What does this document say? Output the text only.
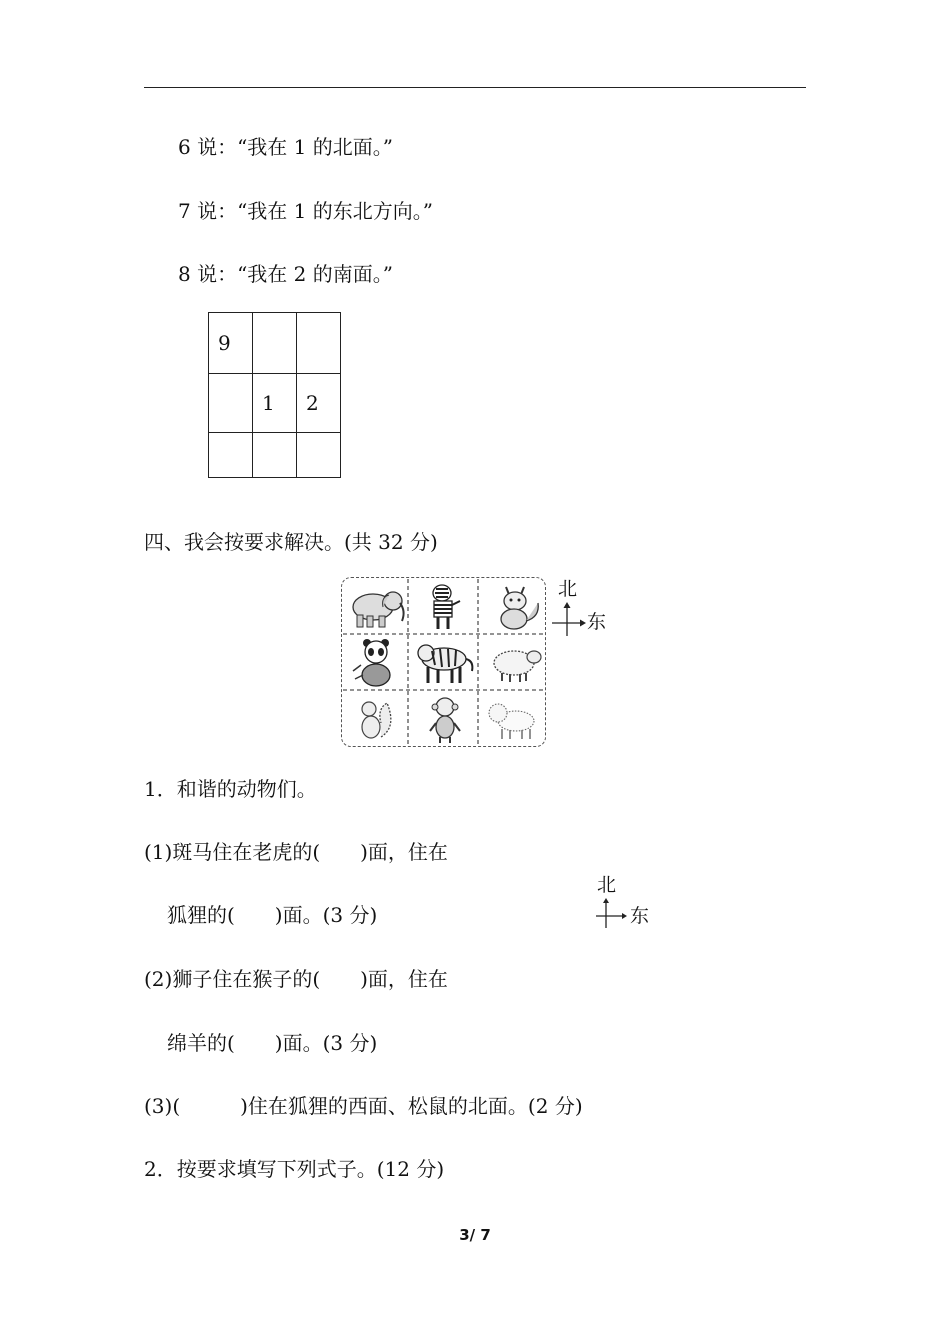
6 说：“我在 1 的北面。”
7 说：“我在 1 的东北方向。”
8 说：“我在 2 的南面。”
9		
	1	2

四、我会按要求解决。(共 32 分)
北
东
1．和谐的动物们。
(1)斑马住在老虎的(　　)面，住在
狐狸的(　　)面。(3 分)
北
东
(2)狮子住在猴子的(　　)面，住在
绵羊的(　　)面。(3 分)
(3)(　　　)住在狐狸的西面、松鼠的北面。(2 分)
2．按要求填写下列式子。(12 分)
3/ 7
